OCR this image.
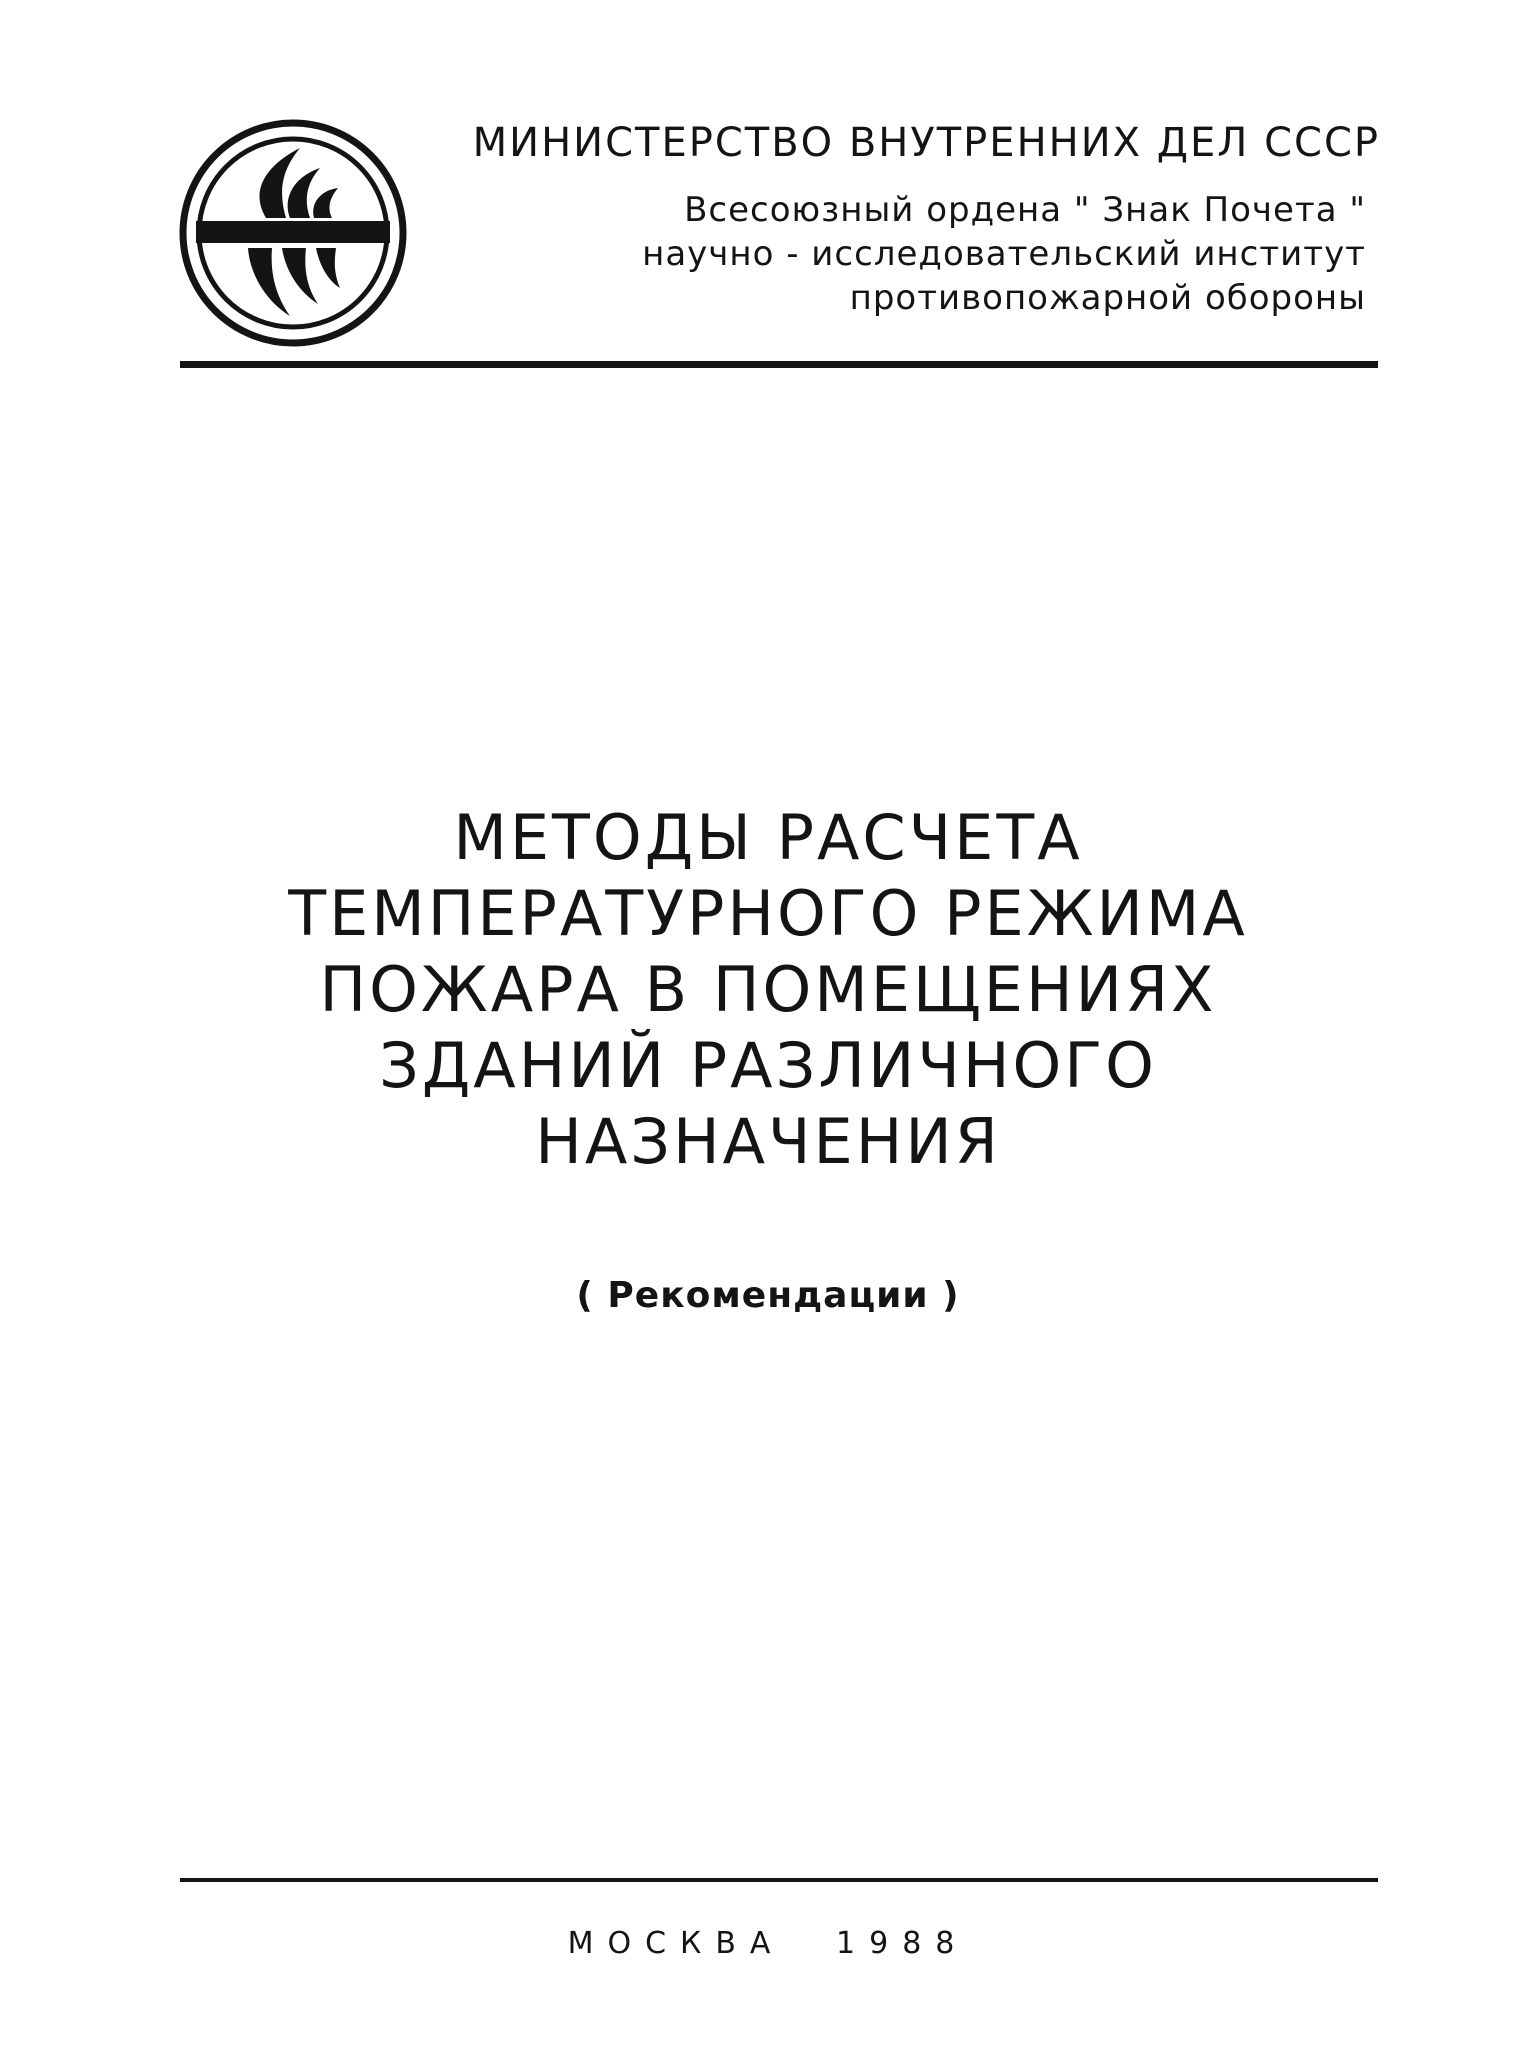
МИНИСТЕРСТВО ВНУТРЕННИХ ДЕЛ СССР
Всесоюзный ордена " Знак Почета "
научно - исследовательский институт
противопожарной обороны
МЕТОДЫ РАСЧЕТА
ТЕМПЕРАТУРНОГО РЕЖИМА
ПОЖАРА В ПОМЕЩЕНИЯХ
ЗДАНИЙ РАЗЛИЧНОГО
НАЗНАЧЕНИЯ
( Рекомендации )
МОСКВА 1988
